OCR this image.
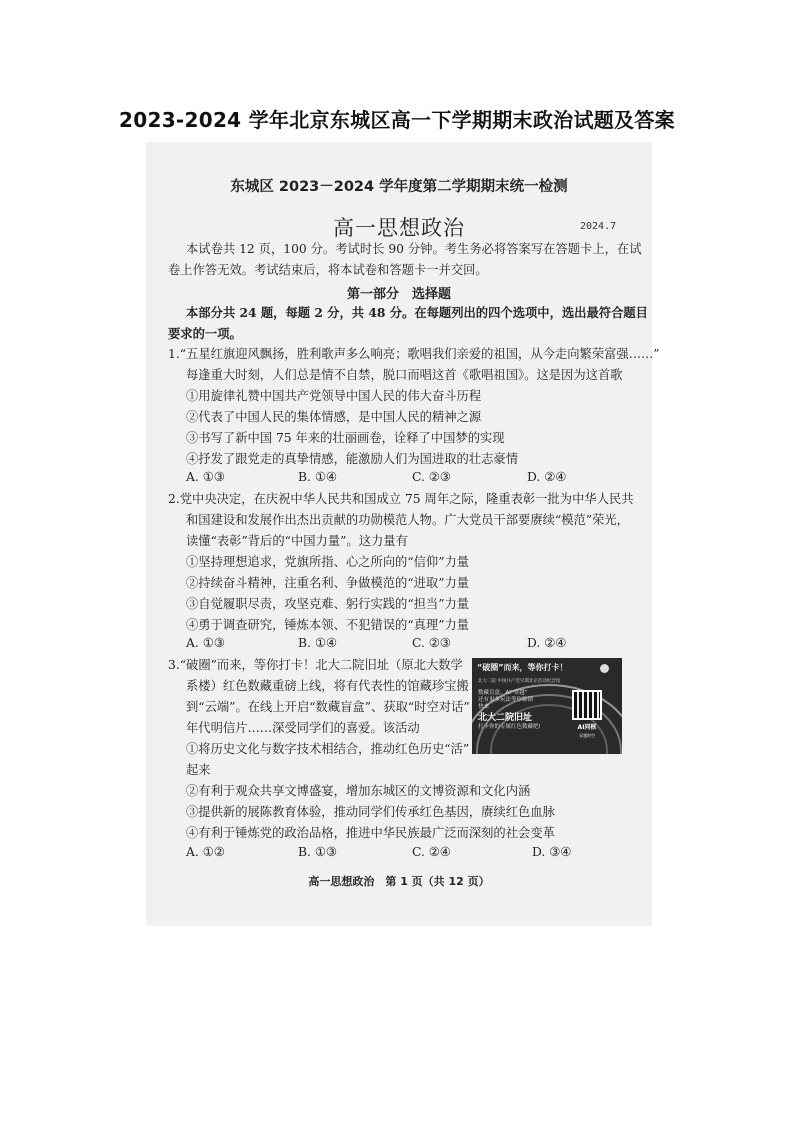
2023-2024 学年北京东城区高一下学期期末政治试题及答案
东城区 2023－2024 学年度第二学期期末统一检测
高一思想政治	2024.7
本试卷共 12 页，100 分。考试时长 90 分钟。考生务必将答案写在答题卡上，在试
卷上作答无效。考试结束后，将本试卷和答题卡一并交回。
第一部分　选择题
本部分共 24 题，每题 2 分，共 48 分。在每题列出的四个选项中，选出最符合题目
要求的一项。
1.“五星红旗迎风飘扬，胜利歌声多么响亮；歌唱我们亲爱的祖国，从今走向繁荣富强……”
每逢重大时刻，人们总是情不自禁，脱口而唱这首《歌唱祖国》。这是因为这首歌
①用旋律礼赞中国共产党领导中国人民的伟大奋斗历程
②代表了中国人民的集体情感，是中国人民的精神之源
③书写了新中国 75 年来的壮丽画卷，诠释了中国梦的实现
④抒发了跟党走的真挚情感，能激励人们为国进取的壮志豪情
A. ①③	B. ①④	C. ②③	D. ②④
2.党中央决定，在庆祝中华人民共和国成立 75 周年之际，隆重表彰一批为中华人民共
和国建设和发展作出杰出贡献的功勋模范人物。广大党员干部要赓续“模范”荣光，
读懂“表彰”背后的“中国力量”。这力量有
①坚持理想追求，党旗所指、心之所向的“信仰”力量
②持续奋斗精神，注重名利、争做模范的“进取”力量
③自觉履职尽责，攻坚克难、躬行实践的“担当”力量
④勇于调查研究，锤炼本领、不犯错误的“真理”力量
A. ①③	B. ①④	C. ②③	D. ②④
3.“破圈”而来，等你打卡！北大二院旧址（原北大数学
系楼）红色数藏重磅上线，将有代表性的馆藏珍宝搬
到“云端”。在线上开启“数藏盲盒”、获取“时空对话”
年代明信片……深受同学们的喜爱。该活动
①将历史文化与数字技术相结合，推动红色历史“活”
起来
②有利于观众共享文博盛宴，增加东城区的文博资源和文化内涵
③提供新的展陈教育体验，推动同学们传承红色基因，赓续红色血脉
④有利于锤炼党的政治品格，推进中华民族最广泛而深刻的社会变革
A. ①②	B. ①③	C. ②④	D. ③④
“破圈”而来，等你打卡！
北大二院 中国共产党早期北京活动纪念馆
数藏盲盒、AI“穿越”
还有更多玩法等你解锁
快来
北大二院旧址
打卡你的专属红色数藏吧!	AI同框
穿越时空
高一思想政治　第 1 页（共 12 页）
